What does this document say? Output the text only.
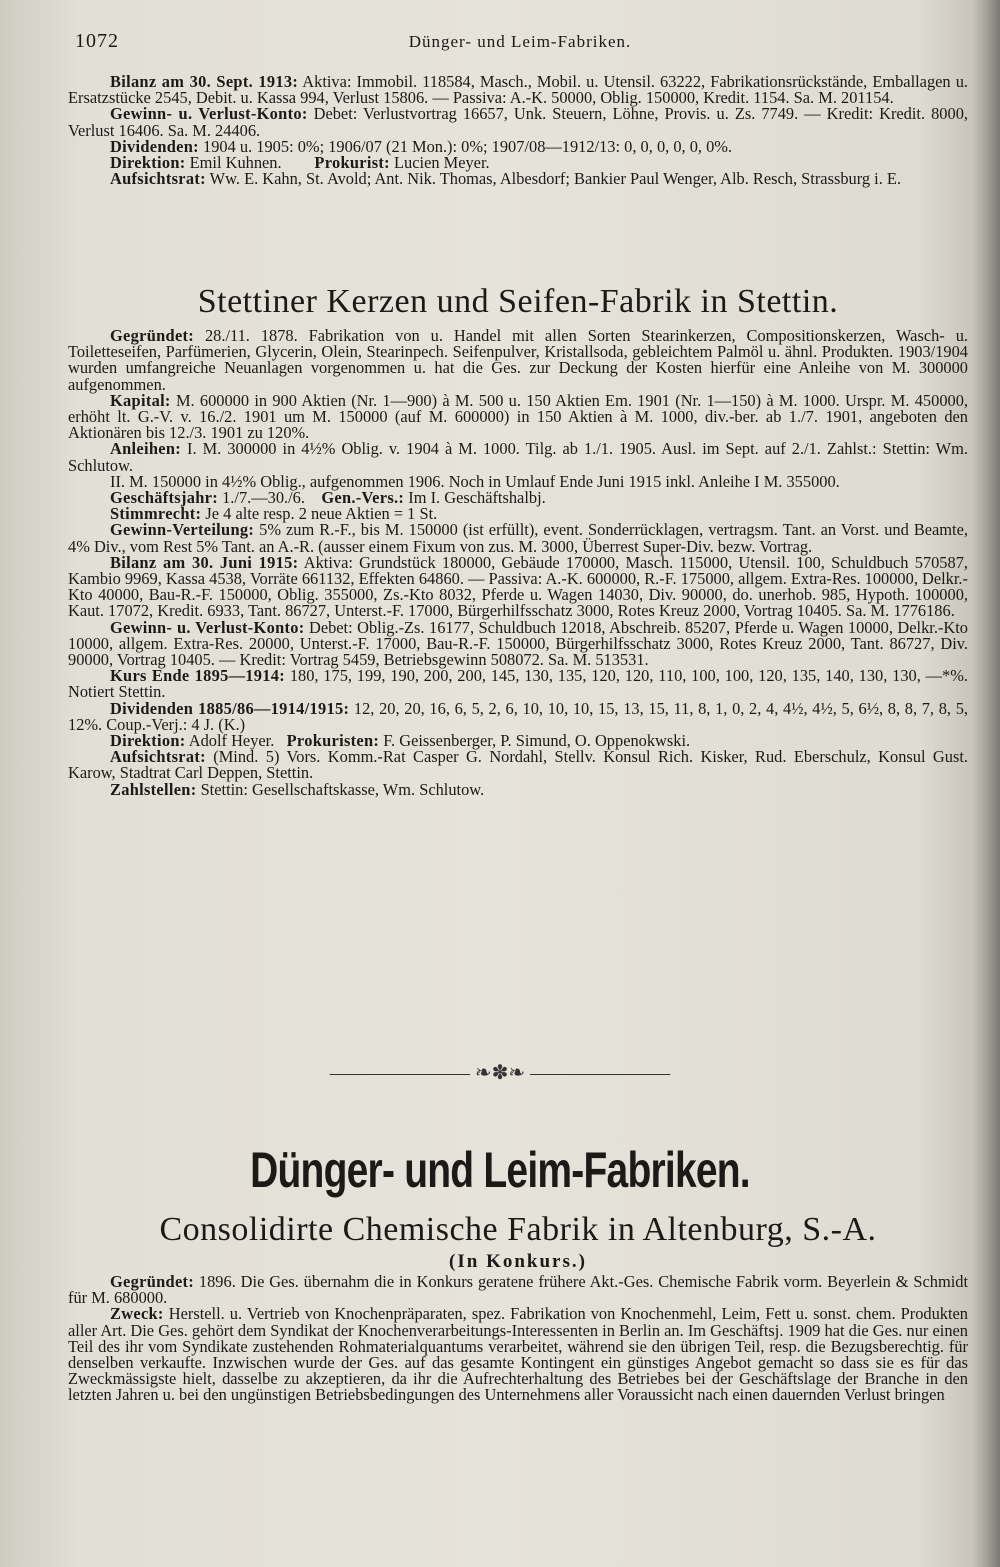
1072	Dünger- und Leim-Fabriken.

Bilanz am 30. Sept. 1913: Aktiva: Immobil. 118584, Masch., Mobil. u. Utensil. 63222, Fabrikationsrückstände, Emballagen u. Ersatzstücke 2545, Debit. u. Kassa 994, Verlust 15806. — Passiva: A.-K. 50000, Oblig. 150000, Kredit. 1154. Sa. M. 201154.

Gewinn- u. Verlust-Konto: Debet: Verlustvortrag 16657, Unk. Steuern, Löhne, Provis. u. Zs. 7749. — Kredit: Kredit. 8000, Verlust 16406. Sa. M. 24406.

Dividenden: 1904 u. 1905: 0%; 1906/07 (21 Mon.): 0%; 1907/08—1912/13: 0, 0, 0, 0, 0, 0%.

Direktion: Emil Kuhnen. Prokurist: Lucien Meyer.

Aufsichtsrat: Ww. E. Kahn, St. Avold; Ant. Nik. Thomas, Albesdorf; Bankier Paul Wenger, Alb. Resch, Strassburg i. E.

Stettiner Kerzen und Seifen-Fabrik in Stettin.

Gegründet: 28./11. 1878. Fabrikation von u. Handel mit allen Sorten Stearinkerzen, Compositionskerzen, Wasch- u. Toiletteseifen, Parfümerien, Glycerin, Olein, Stearinpech. Seifenpulver, Kristallsoda, gebleichtem Palmöl u. ähnl. Produkten. 1903/1904 wurden umfangreiche Neuanlagen vorgenommen u. hat die Ges. zur Deckung der Kosten hierfür eine Anleihe von M. 300000 aufgenommen.

Kapital: M. 600000 in 900 Aktien (Nr. 1—900) à M. 500 u. 150 Aktien Em. 1901 (Nr. 1—150) à M. 1000. Urspr. M. 450000, erhöht lt. G.-V. v. 16./2. 1901 um M. 150000 (auf M. 600000) in 150 Aktien à M. 1000, div.-ber. ab 1./7. 1901, angeboten den Aktionären bis 12./3. 1901 zu 120%.

Anleihen: I. M. 300000 in 4½% Oblig. v. 1904 à M. 1000. Tilg. ab 1./1. 1905. Ausl. im Sept. auf 2./1. Zahlst.: Stettin: Wm. Schlutow.

II. M. 150000 in 4½% Oblig., aufgenommen 1906. Noch in Umlauf Ende Juni 1915 inkl. Anleihe I M. 355000.

Geschäftsjahr: 1./7.—30./6. Gen.-Vers.: Im I. Geschäftshalbj.

Stimmrecht: Je 4 alte resp. 2 neue Aktien = 1 St.

Gewinn-Verteilung: 5% zum R.-F., bis M. 150000 (ist erfüllt), event. Sonderrücklagen, vertragsm. Tant. an Vorst. und Beamte, 4% Div., vom Rest 5% Tant. an A.-R. (ausser einem Fixum von zus. M. 3000, Überrest Super-Div. bezw. Vortrag.

Bilanz am 30. Juni 1915: Aktiva: Grundstück 180000, Gebäude 170000, Masch. 115000, Utensil. 100, Schuldbuch 570587, Kambio 9969, Kassa 4538, Vorräte 661132, Effekten 64860. — Passiva: A.-K. 600000, R.-F. 175000, allgem. Extra-Res. 100000, Delkr.-Kto 40000, Bau-R.-F. 150000, Oblig. 355000, Zs.-Kto 8032, Pferde u. Wagen 14030, Div. 90000, do. unerhob. 985, Hypoth. 100000, Kaut. 17072, Kredit. 6933, Tant. 86727, Unterst.-F. 17000, Bürgerhilfsschatz 3000, Rotes Kreuz 2000, Vortrag 10405. Sa. M. 1776186.

Gewinn- u. Verlust-Konto: Debet: Oblig.-Zs. 16177, Schuldbuch 12018, Abschreib. 85207, Pferde u. Wagen 10000, Delkr.-Kto 10000, allgem. Extra-Res. 20000, Unterst.-F. 17000, Bau-R.-F. 150000, Bürgerhilfsschatz 3000, Rotes Kreuz 2000, Tant. 86727, Div. 90000, Vortrag 10405. — Kredit: Vortrag 5459, Betriebsgewinn 508072. Sa. M. 513531.

Kurs Ende 1895—1914: 180, 175, 199, 190, 200, 200, 145, 130, 135, 120, 120, 110, 100, 100, 120, 135, 140, 130, 130, —*%. Notiert Stettin.

Dividenden 1885/86—1914/1915: 12, 20, 20, 16, 6, 5, 2, 6, 10, 10, 10, 15, 13, 15, 11, 8, 1, 0, 2, 4, 4½, 4½, 5, 6½, 8, 8, 7, 8, 5, 12%. Coup.-Verj.: 4 J. (K.)

Direktion: Adolf Heyer. Prokuristen: F. Geissenberger, P. Simund, O. Oppenokwski.

Aufsichtsrat: (Mind. 5) Vors. Komm.-Rat Casper G. Nordahl, Stellv. Konsul Rich. Kisker, Rud. Eberschulz, Konsul Gust. Karow, Stadtrat Carl Deppen, Stettin.

Zahlstellen: Stettin: Gesellschaftskasse, Wm. Schlutow.

——————— ❧✽❧ ———————
Dünger- und Leim-Fabriken.
Consolidirte Chemische Fabrik in Altenburg, S.-A.
(In Konkurs.)

Gegründet: 1896. Die Ges. übernahm die in Konkurs geratene frühere Akt.-Ges. Chemische Fabrik vorm. Beyerlein & Schmidt für M. 680000.

Zweck: Herstell. u. Vertrieb von Knochenpräparaten, spez. Fabrikation von Knochenmehl, Leim, Fett u. sonst. chem. Produkten aller Art. Die Ges. gehört dem Syndikat der Knochenverarbeitungs-Interessenten in Berlin an. Im Geschäftsj. 1909 hat die Ges. nur einen Teil des ihr vom Syndikate zustehenden Rohmaterialquantums verarbeitet, während sie den übrigen Teil, resp. die Bezugsberechtig. für denselben verkaufte. Inzwischen wurde der Ges. auf das gesamte Kontingent ein günstiges Angebot gemacht so dass sie es für das Zweckmässigste hielt, dasselbe zu akzeptieren, da ihr die Aufrechterhaltung des Betriebes bei der Geschäftslage der Branche in den letzten Jahren u. bei den ungünstigen Betriebsbedingungen des Unternehmens aller Voraussicht nach einen dauernden Verlust bringen
